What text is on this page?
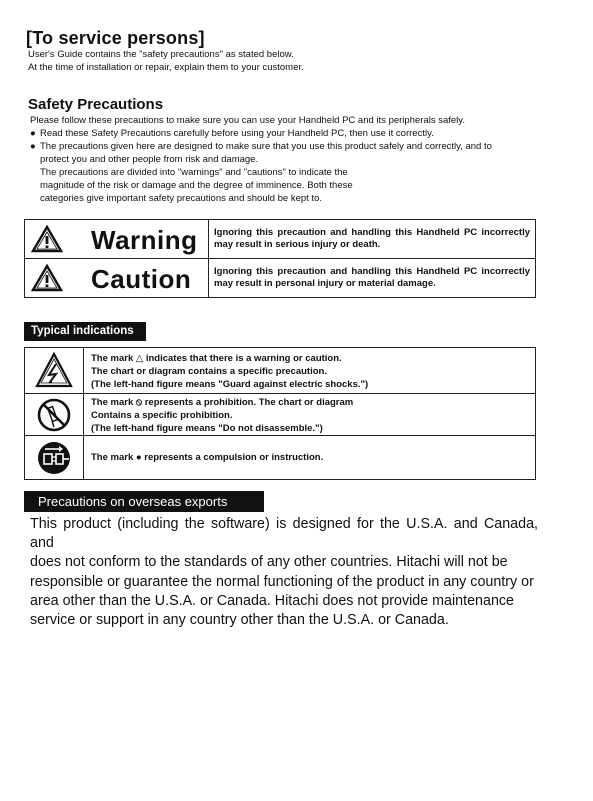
[To service persons]
User's Guide contains the "safety precautions" as stated below.
At the time of installation or repair, explain them to your customer.
Safety Precautions
Please follow these precautions to make sure you can use your Handheld PC and its peripherals safely.
● Read these Safety Precautions carefully before using your Handheld PC, then use it correctly.
● The precautions given here are designed to make sure that you use this product safely and correctly, and to
protect you and other people from risk and damage.
The precautions are divided into "warnings" and "cautions" to indicate the
magnitude of the risk or damage and the degree of imminence. Both these
categories give important safety precautions and should be kept to.
Warning Ignoring this precaution and handling this Handheld PC incorrectly may result in serious injury or death.
Caution Ignoring this precaution and handling this Handheld PC incorrectly may result in personal injury or material damage.
Typical indications
The mark △ indicates that there is a warning or caution.
The chart or diagram contains a specific precaution.
(The left-hand figure means "Guard against electric shocks.")
The mark ⦸ represents a prohibition. The chart or diagram
Contains a specific prohibition.
(The left-hand figure means "Do not disassemble.")
The mark ● represents a compulsion or instruction.
Precautions on overseas exports
This product (including the software) is designed for the U.S.A. and Canada, and
does not conform to the standards of any other countries. Hitachi will not be
responsible or guarantee the normal functioning of the product in any country or
area other than the U.S.A. or Canada. Hitachi does not provide maintenance
service or support in any country other than the U.S.A. or Canada.
